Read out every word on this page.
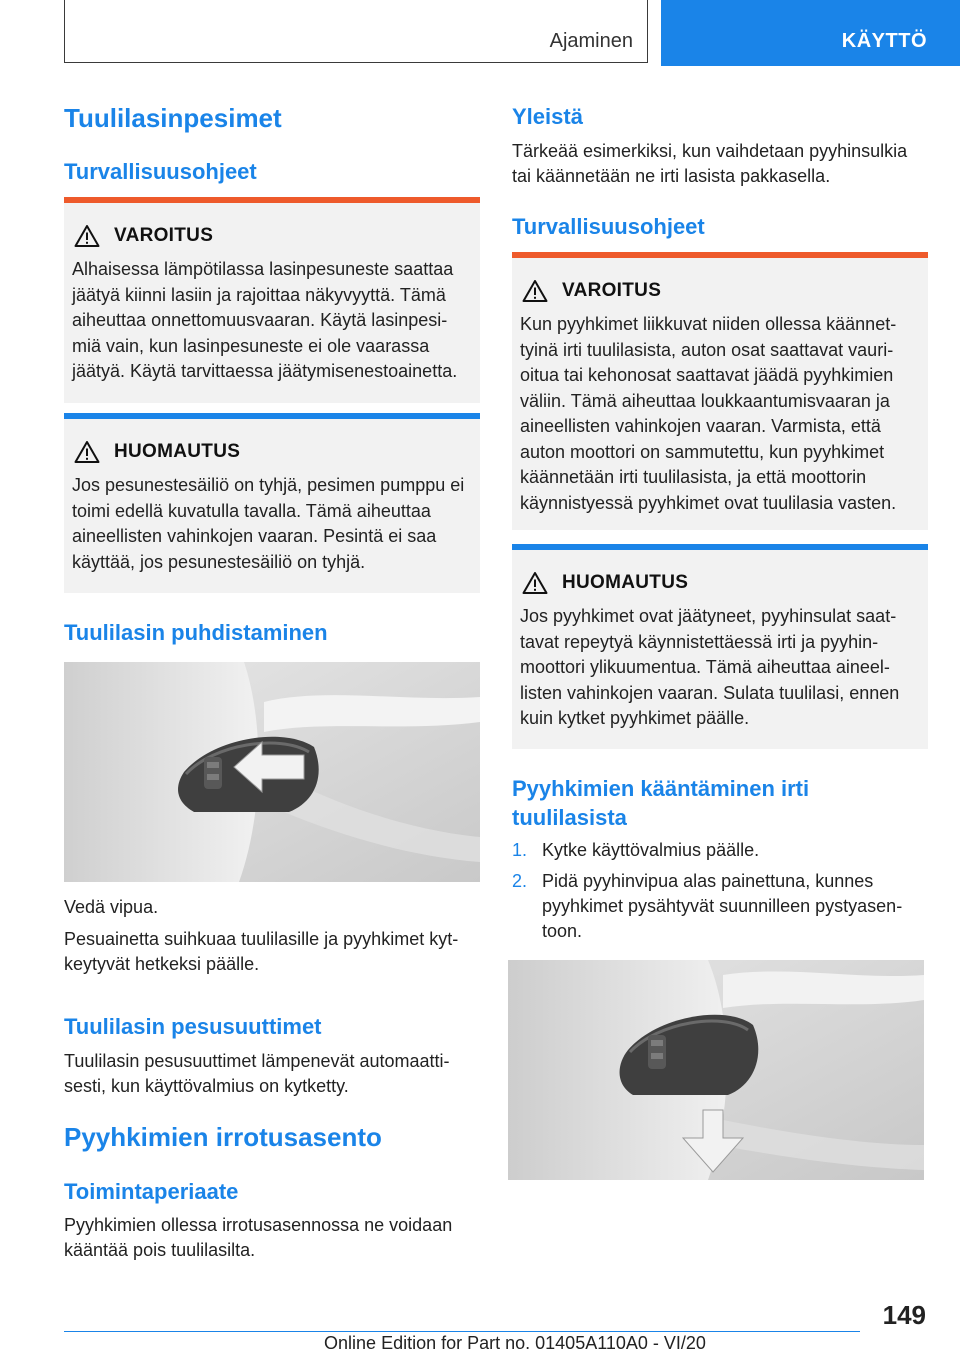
Ajaminen	KÄYTTÖ
Tuulilasinpesimet
Turvallisuusohjeet
VAROITUS

Alhaisessa lämpötilassa lasinpesuneste saattaa jäätyä kiinni lasiin ja rajoittaa näkyvyyttä. Tämä aiheuttaa onnettomuusvaaran. Käytä lasinpesi‐miä vain, kun lasinpesuneste ei ole vaarassa jäätyä. Käytä tarvittaessa jäätymisenestoainetta.

HUOMAUTUS

Jos pesunestesäiliö on tyhjä, pesimen pumppu ei toimi edellä kuvatulla tavalla. Tämä aiheuttaa aineellisten vahinkojen vaaran. Pesintä ei saa käyttää, jos pesunestesäiliö on tyhjä.

Tuulilasin puhdistaminen

Vedä vipua.

Pesuainetta suihkuaa tuulilasille ja pyyhkimet kyt‐keytyvät hetkeksi päälle.

Tuulilasin pesusuuttimet

Tuulilasin pesusuuttimet lämpenevät automaatti‐sesti, kun käyttövalmius on kytketty.

Pyyhkimien irrotusasento
Toimintaperiaate

Pyyhkimien ollessa irrotusasennossa ne voidaan kääntää pois tuulilasilta.

Yleistä

Tärkeää esimerkiksi, kun vaihdetaan pyyhinsulkia tai käännetään ne irti lasista pakkasella.

Turvallisuusohjeet
VAROITUS

Kun pyyhkimet liikkuvat niiden ollessa käännet‐tyinä irti tuulilasista, auton osat saattavat vauri‐oitua tai kehonosat saattavat jäädä pyyhkimien väliin. Tämä aiheuttaa loukkaantumisvaaran ja aineellisten vahinkojen vaaran. Varmista, että auton moottori on sammutettu, kun pyyhkimet käännetään irti tuulilasista, ja että moottorin käynnistyessä pyyhkimet ovat tuulilasia vasten.

HUOMAUTUS

Jos pyyhkimet ovat jäätyneet, pyyhinsulat saat‐tavat repeytyä käynnistettäessä irti ja pyyhin‐moottori ylikuumentua. Tämä aiheuttaa aineel‐listen vahinkojen vaaran. Sulata tuulilasi, ennen kuin kytket pyyhkimet päälle.

Pyyhkimien kääntäminen irti tuulilasista
1. Kytke käyttövalmius päälle.
2. Pidä pyyhinvipua alas painettuna, kunnes pyyhkimet pysähtyvät suunnilleen pystyasen‐toon.
149
Online Edition for Part no. 01405A110A0 - VI/20
